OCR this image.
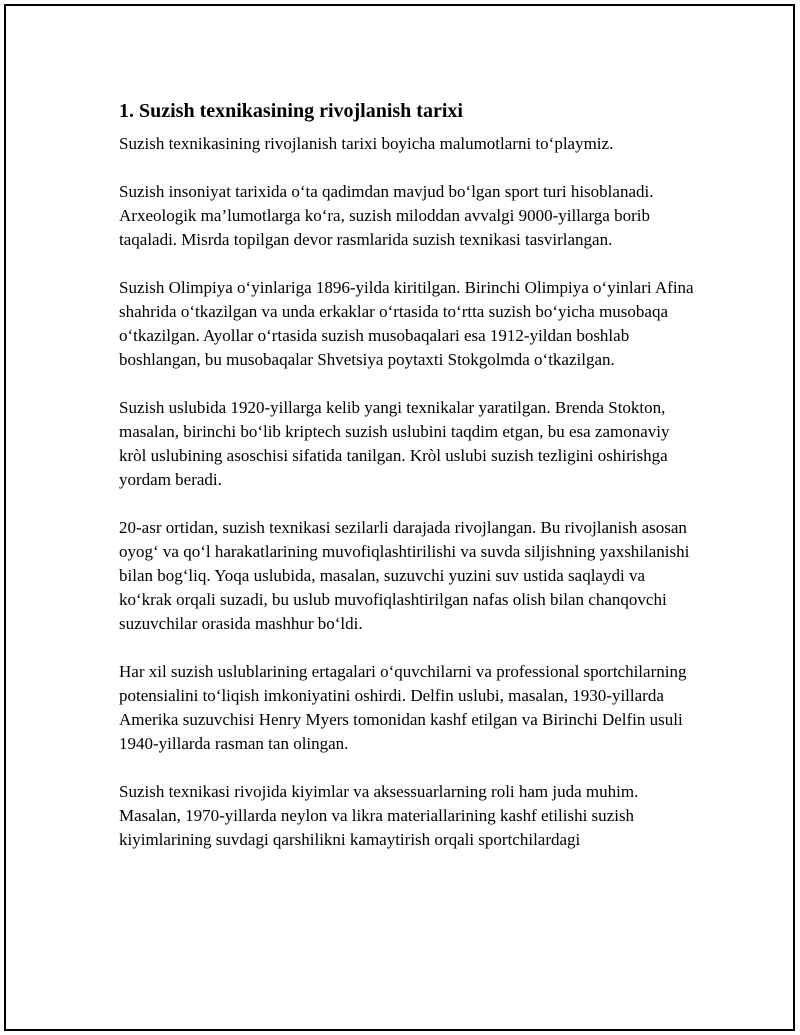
1. Suzish texnikasining rivojlanish tarixi

Suzish texnikasining rivojlanish tarixi boyicha malumotlarni to‘playmiz.

Suzish insoniyat tarixida o‘ta qadimdan mavjud bo‘lgan sport turi hisoblanadi. Arxeologik ma’lumotlarga ko‘ra, suzish miloddan avvalgi 9000-yillarga borib taqaladi. Misrda topilgan devor rasmlarida suzish texnikasi tasvirlangan.

Suzish Olimpiya o‘yinlariga 1896-yilda kiritilgan. Birinchi Olimpiya o‘yinlari Afina shahrida o‘tkazilgan va unda erkaklar o‘rtasida to‘rtta suzish bo‘yicha musobaqa o‘tkazilgan. Ayollar o‘rtasida suzish musobaqalari esa 1912-yildan boshlab boshlangan, bu musobaqalar Shvetsiya poytaxti Stokgolmda o‘tkazilgan.

Suzish uslubida 1920-yillarga kelib yangi texnikalar yaratilgan. Brenda Stokton, masalan, birinchi bo‘lib kriptech suzish uslubini taqdim etgan, bu esa zamonaviy kròl uslubining asoschisi sifatida tanilgan. Kròl uslubi suzish tezligini oshirishga yordam beradi.

20-asr ortidan, suzish texnikasi sezilarli darajada rivojlangan. Bu rivojlanish asosan oyog‘ va qo‘l harakatlarining muvofiqlashtirilishi va suvda siljishning yaxshilanishi bilan bog‘liq. Yoqa uslubida, masalan, suzuvchi yuzini suv ustida saqlaydi va ko‘krak orqali suzadi, bu uslub muvofiqlashtirilgan nafas olish bilan chanqovchi suzuvchilar orasida mashhur bo‘ldi.

Har xil suzish uslublarining ertagalari o‘quvchilarni va professional sportchilarning potensialini to‘liqish imkoniyatini oshirdi. Delfin uslubi, masalan, 1930-yillarda Amerika suzuvchisi Henry Myers tomonidan kashf etilgan va Birinchi Delfin usuli 1940-yillarda rasman tan olingan.

Suzish texnikasi rivojida kiyimlar va aksessuarlarning roli ham juda muhim. Masalan, 1970-yillarda neylon va likra materiallarining kashf etilishi suzish kiyimlarining suvdagi qarshilikni kamaytirish orqali sportchilardagi
